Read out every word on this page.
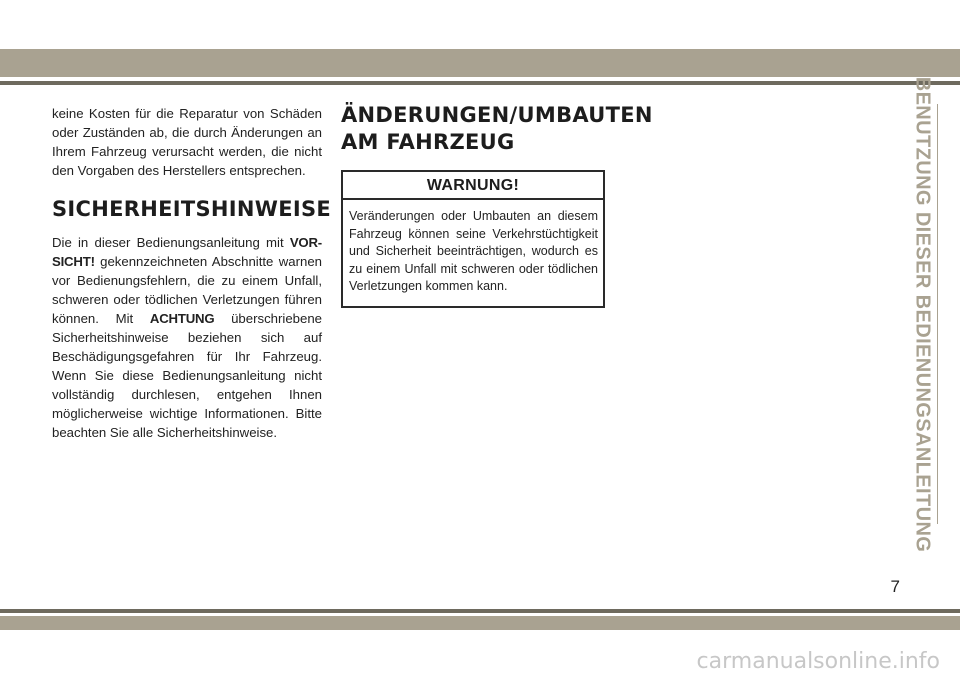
keine Kosten für die Reparatur von Schäden oder Zuständen ab, die durch Änderungen an Ihrem Fahrzeug verursacht werden, die nicht den Vorgaben des Herstellers entsprechen.

SICHERHEITSHINWEISE

Die in dieser Bedienungsanleitung mit VOR-SICHT! gekennzeichneten Abschnitte warnen vor Bedienungsfehlern, die zu einem Unfall, schweren oder tödlichen Verletzungen führen können. Mit ACHTUNG überschriebene Sicherheitshinweise beziehen sich auf Beschädigungsgefahren für Ihr Fahrzeug. Wenn Sie diese Bedienungsanleitung nicht vollständig durchlesen, entgehen Ihnen möglicherweise wichtige Informationen. Bitte beachten Sie alle Sicherheitshinweise.

ÄNDERUNGEN/UMBAUTEN
AM FAHRZEUG
WARNUNG!

Veränderungen oder Umbauten an diesem Fahrzeug können seine Verkehrstüchtigkeit und Sicherheit beeinträchtigen, wodurch es zu einem Unfall mit schweren oder tödlichen Verletzungen kommen kann.	BENUTZUNG DIESER BEDIENUNGSANLEITUNG
7
carmanualsonline.info
